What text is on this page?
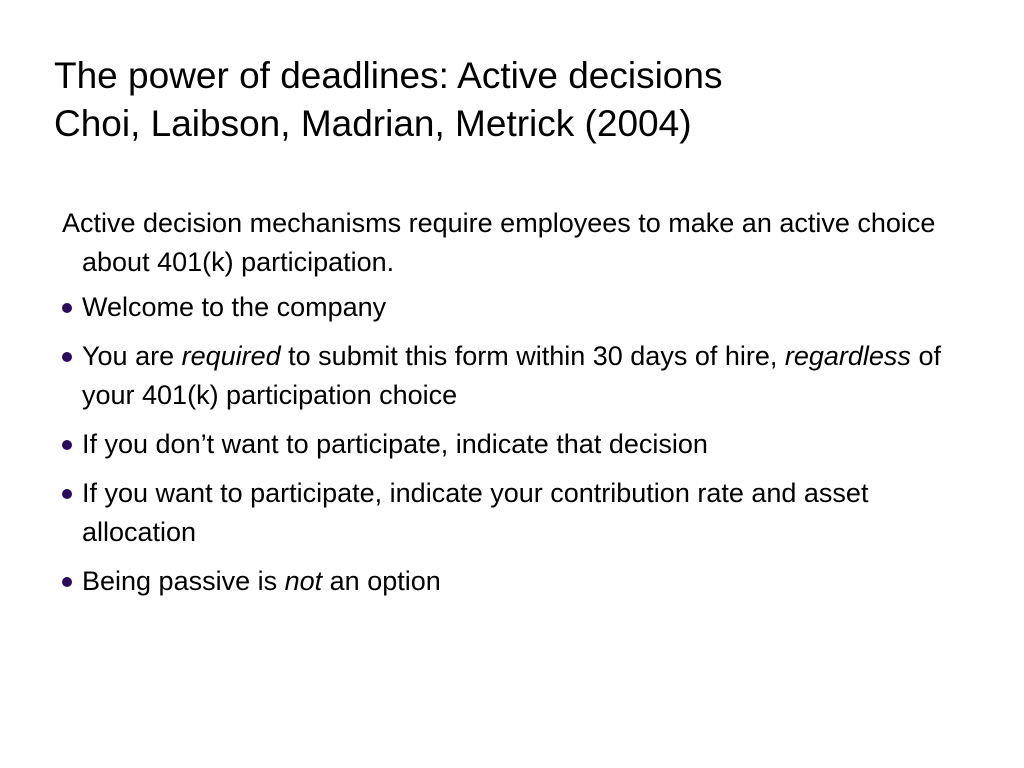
The power of deadlines: Active decisions
Choi, Laibson, Madrian, Metrick (2004)

Active decision mechanisms require employees to make an active choice about 401(k) participation.

Welcome to the company
You are required to submit this form within 30 days of hire, regardless of your 401(k) participation choice
If you don’t want to participate, indicate that decision
If you want to participate, indicate your contribution rate and asset allocation
Being passive is not an option
